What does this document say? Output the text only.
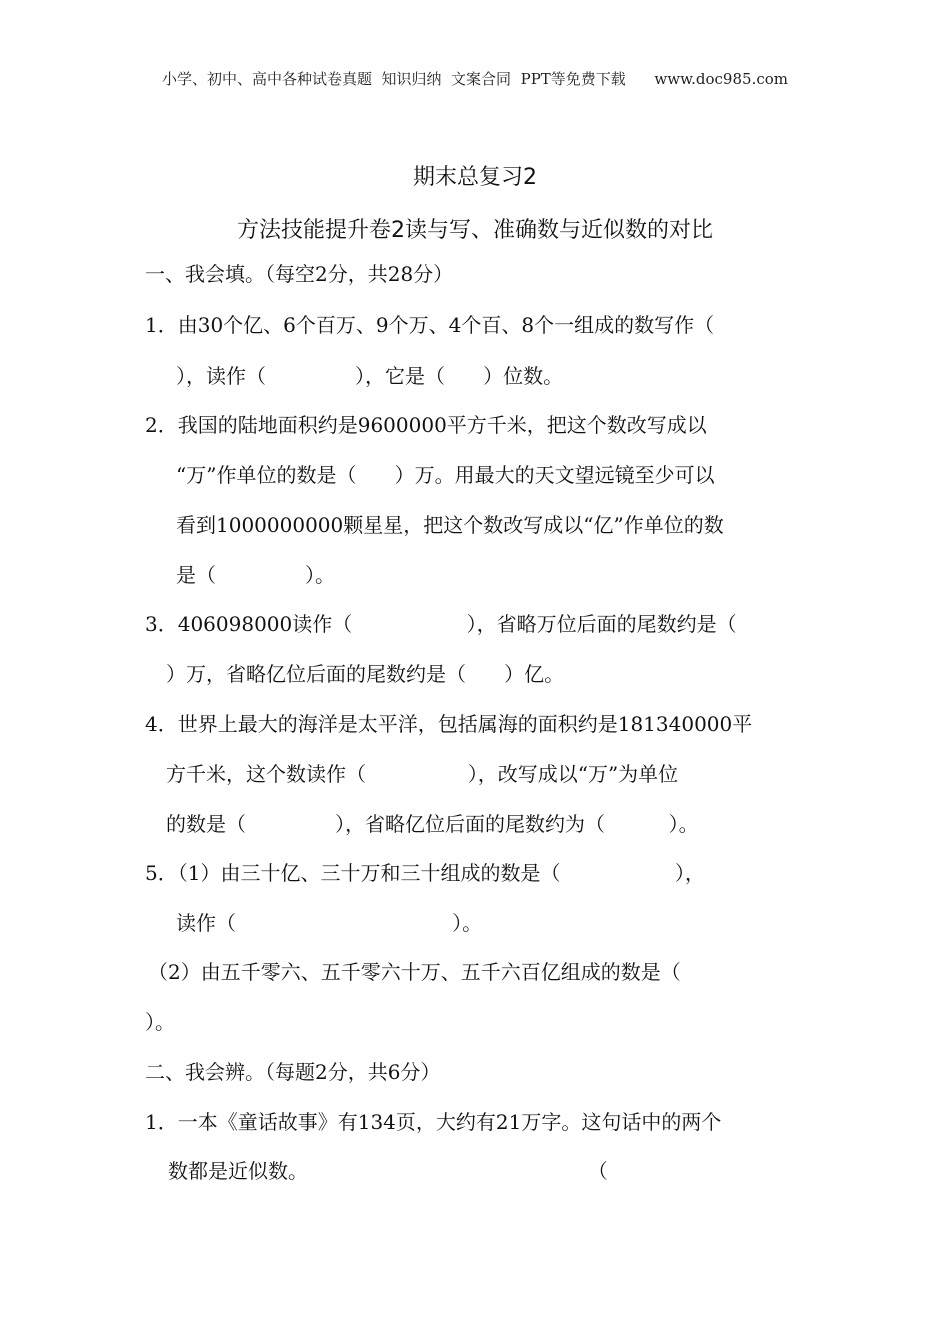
小学、初中、高中各种试卷真题  知识归纳  文案合同  PPT等免费下载      www.doc985.com
期末总复习2
方法技能提升卷2读与写、准确数与近似数的对比
一、我会填。（每空2分，共28分）
1．由30个亿、6个百万、9个万、4个百、8个一组成的数写作（
），读作（              ），它是（      ）位数。
2．我国的陆地面积约是9600000平方千米，把这个数改写成以
“万”作单位的数是（      ）万。用最大的天文望远镜至少可以
看到1000000000颗星星，把这个数改写成以“亿”作单位的数
是（              ）。
3．406098000读作（                  ），省略万位后面的尾数约是（
）万，省略亿位后面的尾数约是（      ）亿。
4．世界上最大的海洋是太平洋，包括属海的面积约是181340000平
方千米，这个数读作（                ），改写成以“万”为单位
的数是（              ），省略亿位后面的尾数约为（          ）。
5．（1）由三十亿、三十万和三十组成的数是（                  ），
读作（                                  ）。
（2）由五千零六、五千零六十万、五千六百亿组成的数是（
）。
二、我会辨。（每题2分，共6分）
1．一本《童话故事》有134页，大约有21万字。这句话中的两个
数都是近似数。                                            （
